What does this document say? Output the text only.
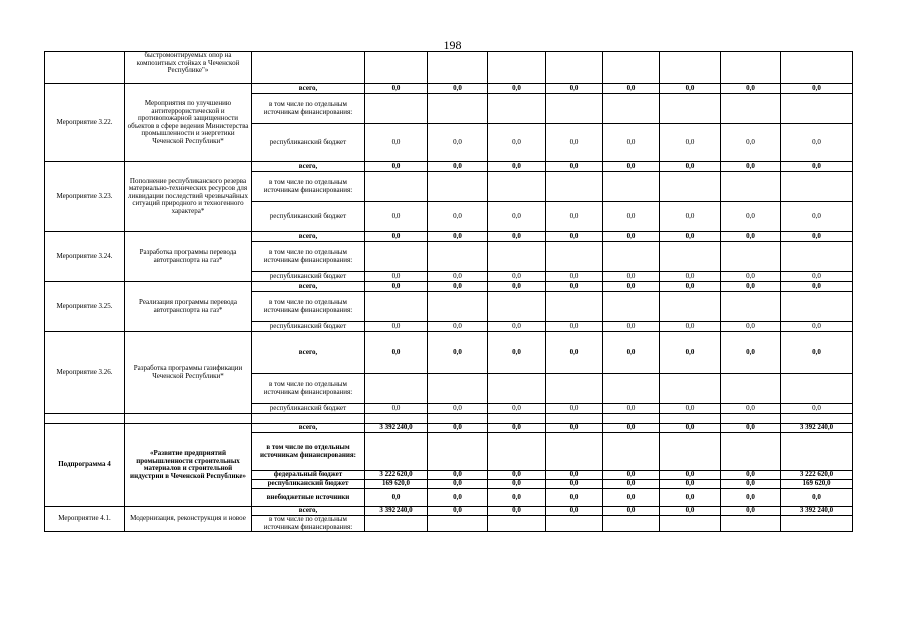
198
	быстромонтируемых опор на композитных стойках в Чеченской Республике"»									
Мероприятие 3.22.	Мероприятия по улучшению антитеррористической и противопожарной защищенности объектов в сфере ведения Министерства промышленности и энергетики Чеченской Республики*	всего,	0,0	0,0	0,0	0,0	0,0	0,0	0,0	0,0
		в том числе по отдельным источникам финансирования:								
		республиканский бюджет	0,0	0,0	0,0	0,0	0,0	0,0	0,0	0,0
Мероприятие 3.23.	Пополнение республиканского резерва материально-технических ресурсов для ликвидации последствий чрезвычайных ситуаций природного и техногенного характера*	всего,	0,0	0,0	0,0	0,0	0,0	0,0	0,0	0,0
		в том числе по отдельным источникам финансирования:								
		республиканский бюджет	0,0	0,0	0,0	0,0	0,0	0,0	0,0	0,0
Мероприятие 3.24.	Разработка программы перевода автотранспорта на газ*	всего,	0,0	0,0	0,0	0,0	0,0	0,0	0,0	0,0
		в том числе по отдельным источникам финансирования:								
		республиканский бюджет	0,0	0,0	0,0	0,0	0,0	0,0	0,0	0,0
Мероприятие 3.25.	Реализация программы перевода автотранспорта на газ*	всего,	0,0	0,0	0,0	0,0	0,0	0,0	0,0	0,0
		в том числе по отдельным источникам финансирования:								
		республиканский бюджет	0,0	0,0	0,0	0,0	0,0	0,0	0,0	0,0
Мероприятие 3.26.	Разработка программы газификации Чеченской Республики*	всего,	0,0	0,0	0,0	0,0	0,0	0,0	0,0	0,0
		в том числе по отдельным источникам финансирования:								
		республиканский бюджет	0,0	0,0	0,0	0,0	0,0	0,0	0,0	0,0

Подпрограмма 4	«Развитие предприятий промышленности строительных материалов и строительной индустрии в Чеченской Республике»	всего,	3 392 240,0	0,0	0,0	0,0	0,0	0,0	0,0	3 392 240,0
		в том числе по отдельным источникам финансирования:								
		федеральный бюджет	3 222 620,0	0,0	0,0	0,0	0,0	0,0	0,0	3 222 620,0
		республиканский бюджет	169 620,0	0,0	0,0	0,0	0,0	0,0	0,0	169 620,0
		внебюджетные источники	0,0	0,0	0,0	0,0	0,0	0,0	0,0	0,0
Мероприятие 4.1.	Модернизация, реконструкция и новое	всего,	3 392 240,0	0,0	0,0	0,0	0,0	0,0	0,0	3 392 240,0
		в том числе по отдельным источникам финансирования:								
